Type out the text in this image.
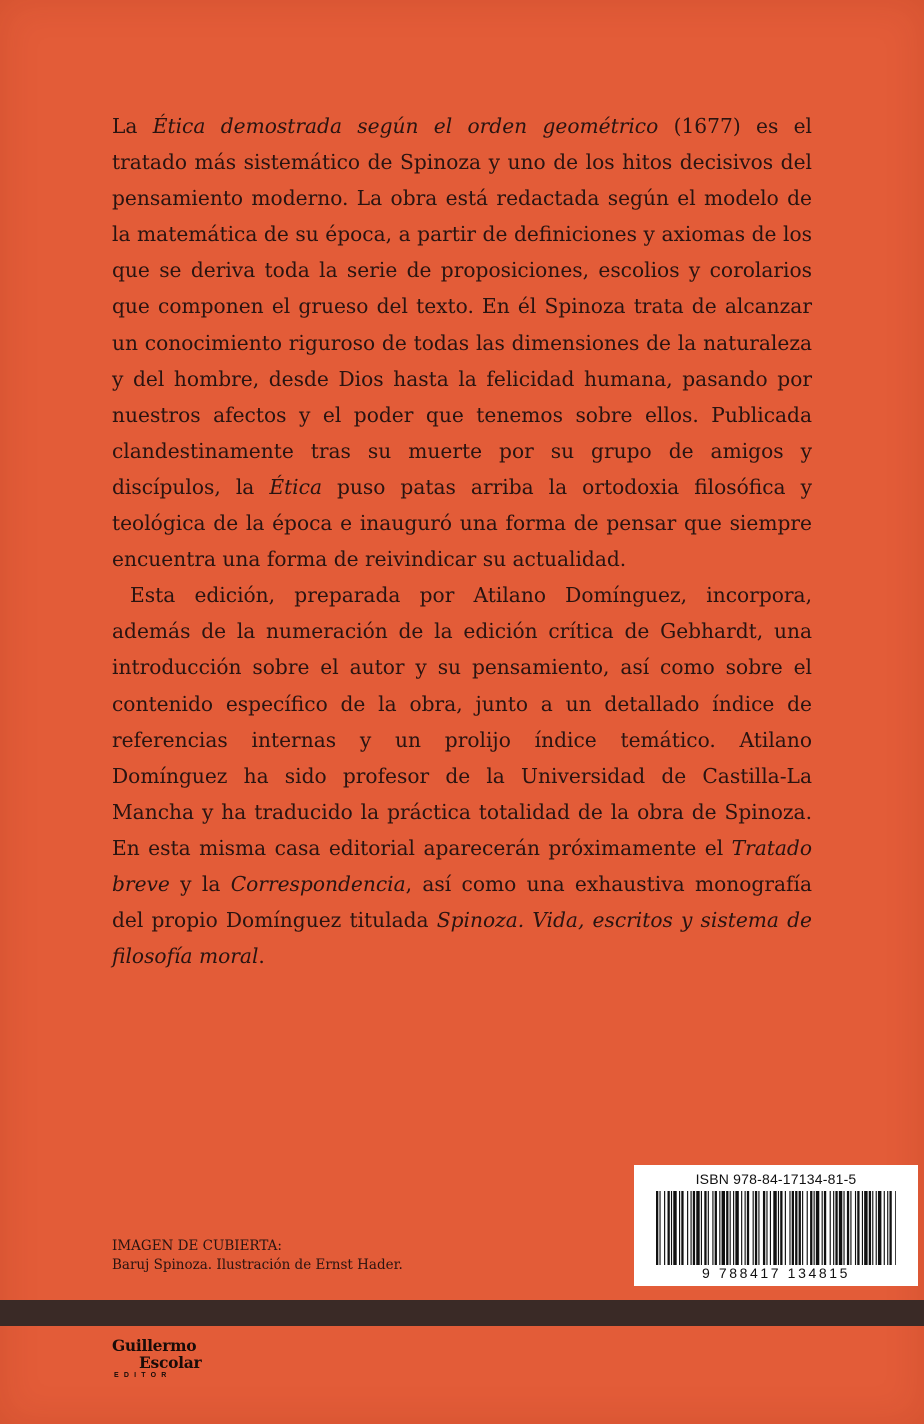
La Ética demostrada según el orden geométrico (1677) es el tratado más sistemático de Spinoza y uno de los hitos decisivos del pensamiento moderno. La obra está redactada según el modelo de la matemática de su época, a partir de definiciones y axiomas de los que se deriva toda la serie de proposiciones, escolios y corolarios que componen el grueso del texto. En él Spinoza trata de alcanzar un conocimiento riguroso de todas las dimensiones de la naturaleza y del hombre, desde Dios hasta la felicidad humana, pasando por nuestros afectos y el poder que tenemos sobre ellos. Publicada clandestinamente tras su muerte por su grupo de amigos y discípulos, la Ética puso patas arriba la ortodoxia filosófica y teológica de la época e inauguró una forma de pensar que siempre encuentra una forma de reivindicar su actualidad.

Esta edición, preparada por Atilano Domínguez, incorpora, además de la numeración de la edición crítica de Gebhardt, una introducción sobre el autor y su pensamiento, así como sobre el contenido específico de la obra, junto a un detallado índice de referencias internas y un prolijo índice temático. Atilano Domínguez ha sido profesor de la Universidad de Castilla-La Mancha y ha traducido la práctica totalidad de la obra de Spinoza. En esta misma casa editorial aparecerán próximamente el Tratado breve y la Correspondencia, así como una exhaustiva monografía del propio Domínguez titulada Spinoza. Vida, escritos y sistema de filosofía moral.

IMAGEN DE CUBIERTA:
Baruj Spinoza. Ilustración de Ernst Hader.
ISBN 978-84-17134-81-5
9 788417 134815
Guillermo
Escolar
EDITOR
